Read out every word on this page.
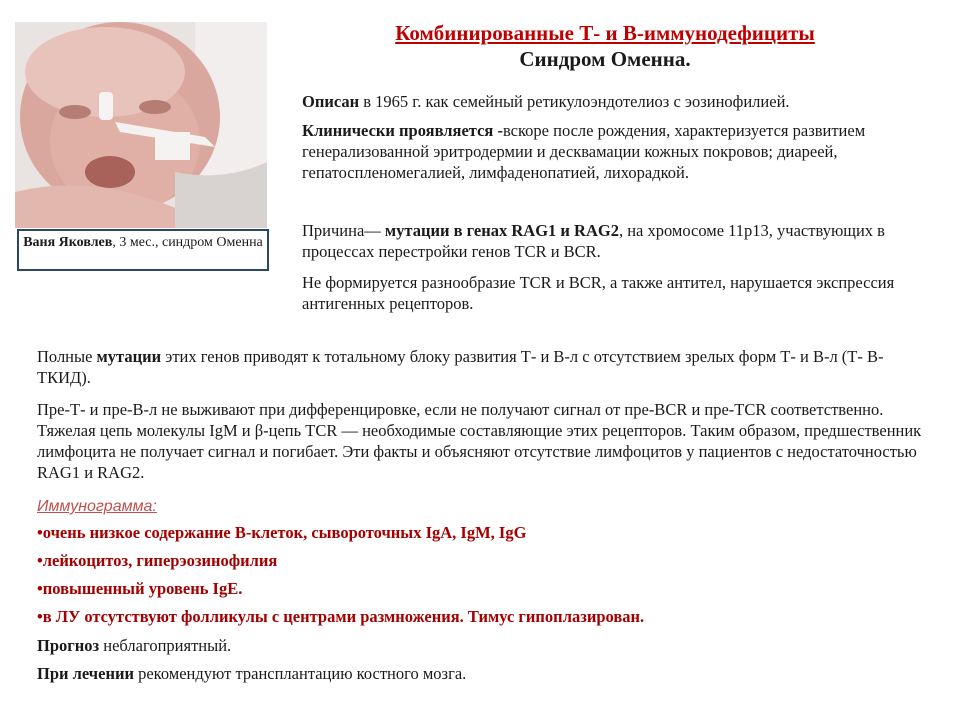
Ваня Яковлев, 3 мес., синдром Оменна
Комбинированные Т- и В-иммунодефициты
Синдром Оменна.
Описан в 1965 г. как семейный ретикулоэндотелиоз с эозинофилией.
Клинически проявляется -вскоре после рождения, характеризуется развитием генерализованной эритродермии и десквамации кожных покровов; диареей, гепатоспленомегалией, лимфаденопатией, лихорадкой.
Причина— мутации в генах RAG1 и RAG2, на хромосоме 11p13, участвующих в процессах перестройки генов TCR и BCR.
Не формируется разнообразие TCR и BCR, а также антител, нарушается экспрессия антигенных рецепторов.
Полные мутации этих генов приводят к тотальному блоку развития Т- и В-л с отсутствием зрелых форм Т- и В-л (Т- В-ТКИД).
Пре-Т- и пре-В-л не выживают при дифференцировке, если не получают сигнал от пре-BCR и пре-TCR соответственно. Тяжелая цепь молекулы IgM и β-цепь TCR — необходимые составляющие этих рецепторов. Таким образом, предшественник лимфоцита не получает сигнал и погибает. Эти факты и объясняют отсутствие лимфоцитов у пациентов с недостаточностью RAG1 и RAG2.
Иммунограмма:
•очень низкое содержание В-клеток, сывороточных IgA, IgM, IgG
•лейкоцитоз, гиперэозинофилия
•повышенный уровень IgE.
•в ЛУ отсутствуют фолликулы с центрами размножения. Тимус гипоплазирован.
Прогноз неблагоприятный.
При лечении рекомендуют трансплантацию костного мозга.
